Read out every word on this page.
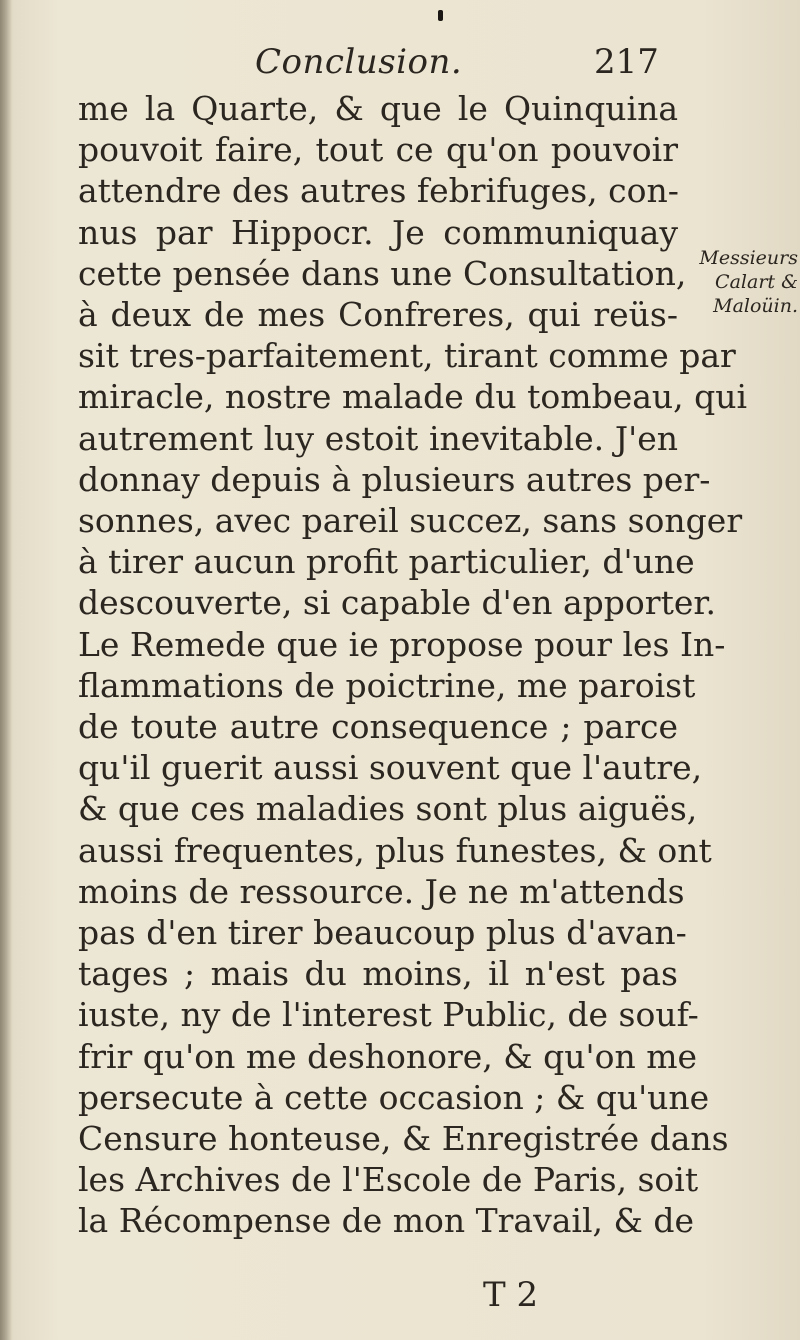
Conclusion.	217
me la Quarte, & que le Quinquina
pouvoit faire, tout ce qu'on pouvoir
attendre des autres febrifuges, con-
nus par Hippocr. Je communiquay
cette pensée dans une Consultation,
à deux de mes Confreres, qui reüs-
sit tres-parfaitement, tirant comme par
miracle, nostre malade du tombeau, qui
autrement luy estoit inevitable. J'en
donnay depuis à plusieurs autres per-
sonnes, avec pareil succez, sans songer
à tirer aucun profit particulier, d'une
descouverte, si capable d'en apporter.
Le Remede que ie propose pour les In-
flammations de poictrine, me paroist
de toute autre consequence ; parce
qu'il guerit aussi souvent que l'autre,
& que ces maladies sont plus aiguës,
aussi frequentes, plus funestes, & ont
moins de ressource. Je ne m'attends
pas d'en tirer beaucoup plus d'avan-
tages ; mais du moins, il n'est pas
iuste, ny de l'interest Public, de souf-
frir qu'on me deshonore, & qu'on me
persecute à cette occasion ; & qu'une
Censure honteuse, & Enregistrée dans
les Archives de l'Escole de Paris, soit
la Récompense de mon Travail, & de
Messieurs
Calart &
Maloüin.
T 2
